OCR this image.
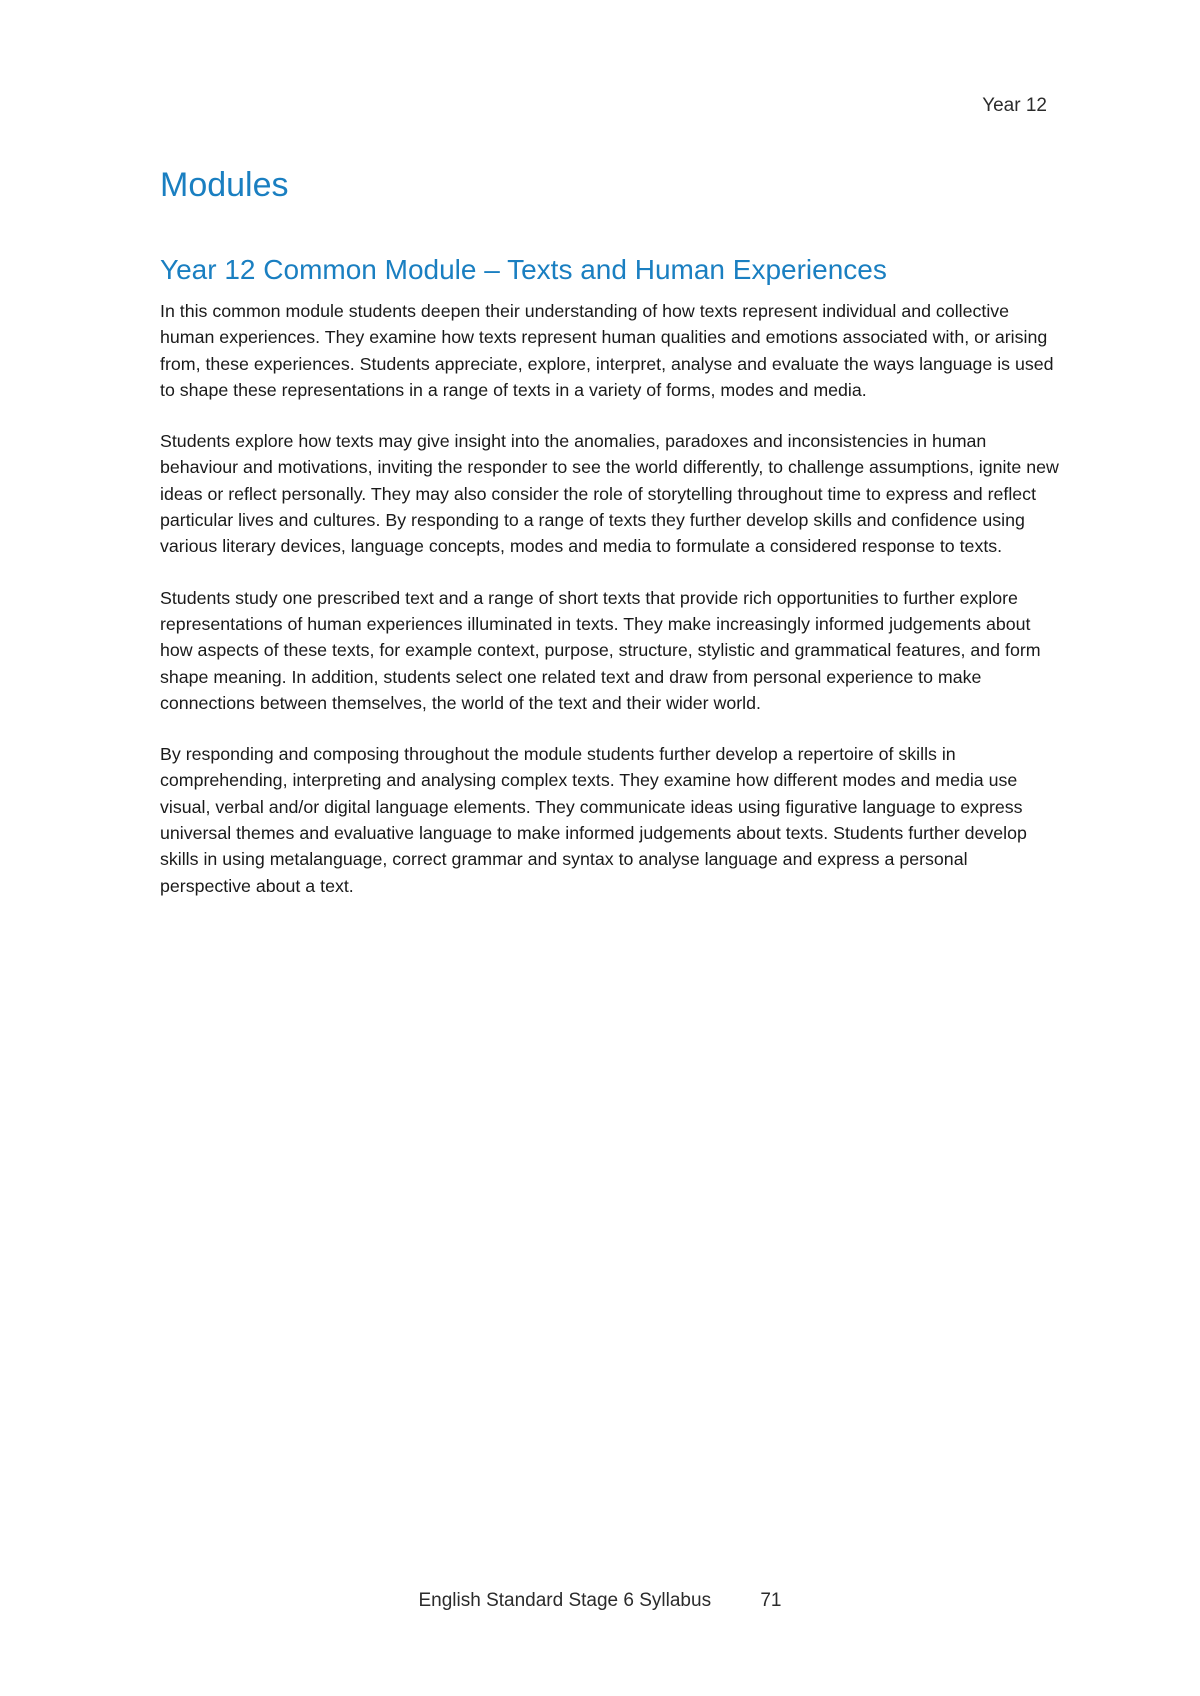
Year 12
Modules
Year 12 Common Module – Texts and Human Experiences

In this common module students deepen their understanding of how texts represent individual and collective human experiences. They examine how texts represent human qualities and emotions associated with, or arising from, these experiences. Students appreciate, explore, interpret, analyse and evaluate the ways language is used to shape these representations in a range of texts in a variety of forms, modes and media.

Students explore how texts may give insight into the anomalies, paradoxes and inconsistencies in human behaviour and motivations, inviting the responder to see the world differently, to challenge assumptions, ignite new ideas or reflect personally. They may also consider the role of storytelling throughout time to express and reflect particular lives and cultures. By responding to a range of texts they further develop skills and confidence using various literary devices, language concepts, modes and media to formulate a considered response to texts.

Students study one prescribed text and a range of short texts that provide rich opportunities to further explore representations of human experiences illuminated in texts. They make increasingly informed judgements about how aspects of these texts, for example context, purpose, structure, stylistic and grammatical features, and form shape meaning. In addition, students select one related text and draw from personal experience to make connections between themselves, the world of the text and their wider world.

By responding and composing throughout the module students further develop a repertoire of skills in comprehending, interpreting and analysing complex texts. They examine how different modes and media use visual, verbal and/or digital language elements. They communicate ideas using figurative language to express universal themes and evaluative language to make informed judgements about texts. Students further develop skills in using metalanguage, correct grammar and syntax to analyse language and express a personal perspective about a text.

English Standard Stage 6 Syllabus	71
